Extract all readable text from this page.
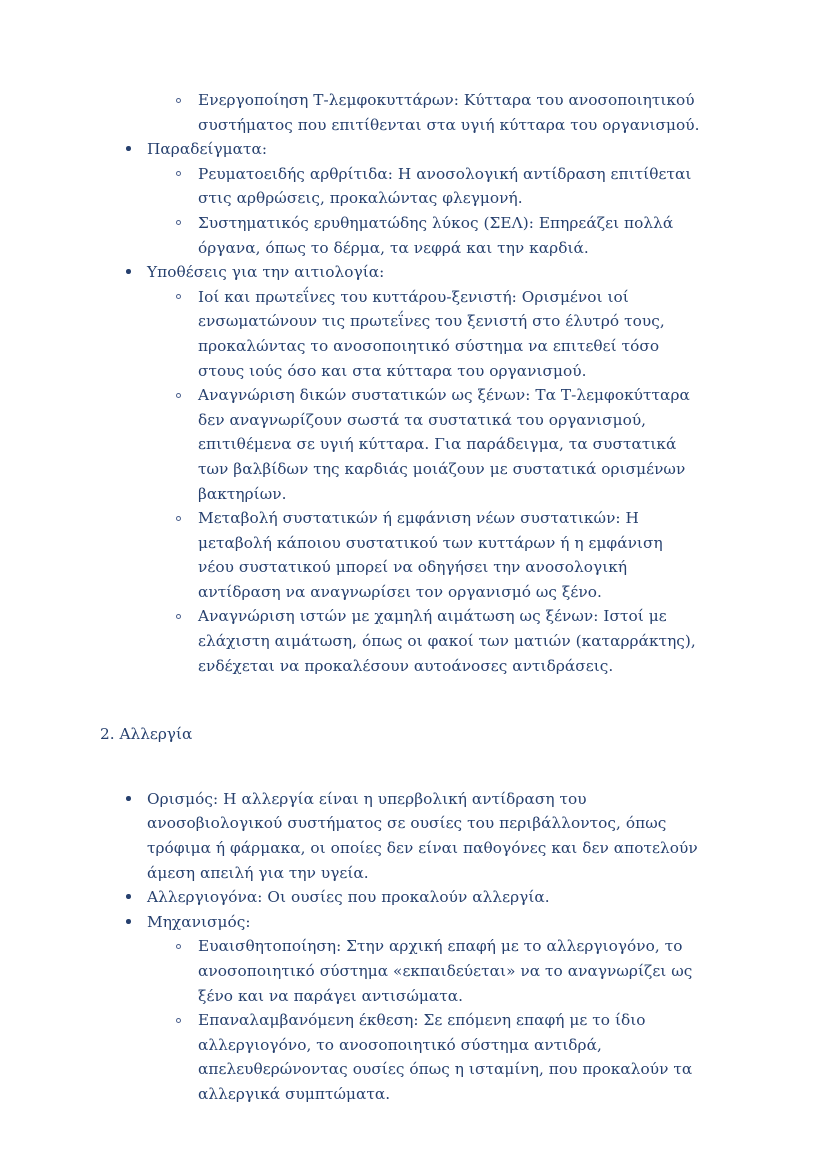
Ενεργοποίηση Τ-λεμφοκυττάρων: Κύτταρα του ανοσοποιητικού συστήματος που επιτίθενται στα υγιή κύτταρα του οργανισμού.
Παραδείγματα:
Ρευματοειδής αρθρίτιδα: Η ανοσολογική αντίδραση επιτίθεται στις αρθρώσεις, προκαλώντας φλεγμονή.
Συστηματικός ερυθηματώδης λύκος (ΣΕΛ): Επηρεάζει πολλά όργανα, όπως το δέρμα, τα νεφρά και την καρδιά.
Υποθέσεις για την αιτιολογία:
Ιοί και πρωτεΐνες του κυττάρου-ξενιστή: Ορισμένοι ιοί ενσωματώνουν τις πρωτεΐνες του ξενιστή στο έλυτρό τους, προκαλώντας το ανοσοποιητικό σύστημα να επιτεθεί τόσο στους ιούς όσο και στα κύτταρα του οργανισμού.
Αναγνώριση δικών συστατικών ως ξένων: Τα Τ-λεμφοκύτταρα δεν αναγνωρίζουν σωστά τα συστατικά του οργανισμού, επιτιθέμενα σε υγιή κύτταρα. Για παράδειγμα, τα συστατικά των βαλβίδων της καρδιάς μοιάζουν με συστατικά ορισμένων βακτηρίων.
Μεταβολή συστατικών ή εμφάνιση νέων συστατικών: Η μεταβολή κάποιου συστατικού των κυττάρων ή η εμφάνιση νέου συστατικού μπορεί να οδηγήσει την ανοσολογική αντίδραση να αναγνωρίσει τον οργανισμό ως ξένο.
Αναγνώριση ιστών με χαμηλή αιμάτωση ως ξένων: Ιστοί με ελάχιστη αιμάτωση, όπως οι φακοί των ματιών (καταρράκτης), ενδέχεται να προκαλέσουν αυτοάνοσες αντιδράσεις.

2. Αλλεργία

Ορισμός: Η αλλεργία είναι η υπερβολική αντίδραση του ανοσοβιολογικού συστήματος σε ουσίες του περιβάλλοντος, όπως τρόφιμα ή φάρμακα, οι οποίες δεν είναι παθογόνες και δεν αποτελούν άμεση απειλή για την υγεία.
Αλλεργιογόνα: Οι ουσίες που προκαλούν αλλεργία.
Μηχανισμός:
Ευαισθητοποίηση: Στην αρχική επαφή με το αλλεργιογόνο, το ανοσοποιητικό σύστημα «εκπαιδεύεται» να το αναγνωρίζει ως ξένο και να παράγει αντισώματα.
Επαναλαμβανόμενη έκθεση: Σε επόμενη επαφή με το ίδιο αλλεργιογόνο, το ανοσοποιητικό σύστημα αντιδρά, απελευθερώνοντας ουσίες όπως η ισταμίνη, που προκαλούν τα αλλεργικά συμπτώματα.
